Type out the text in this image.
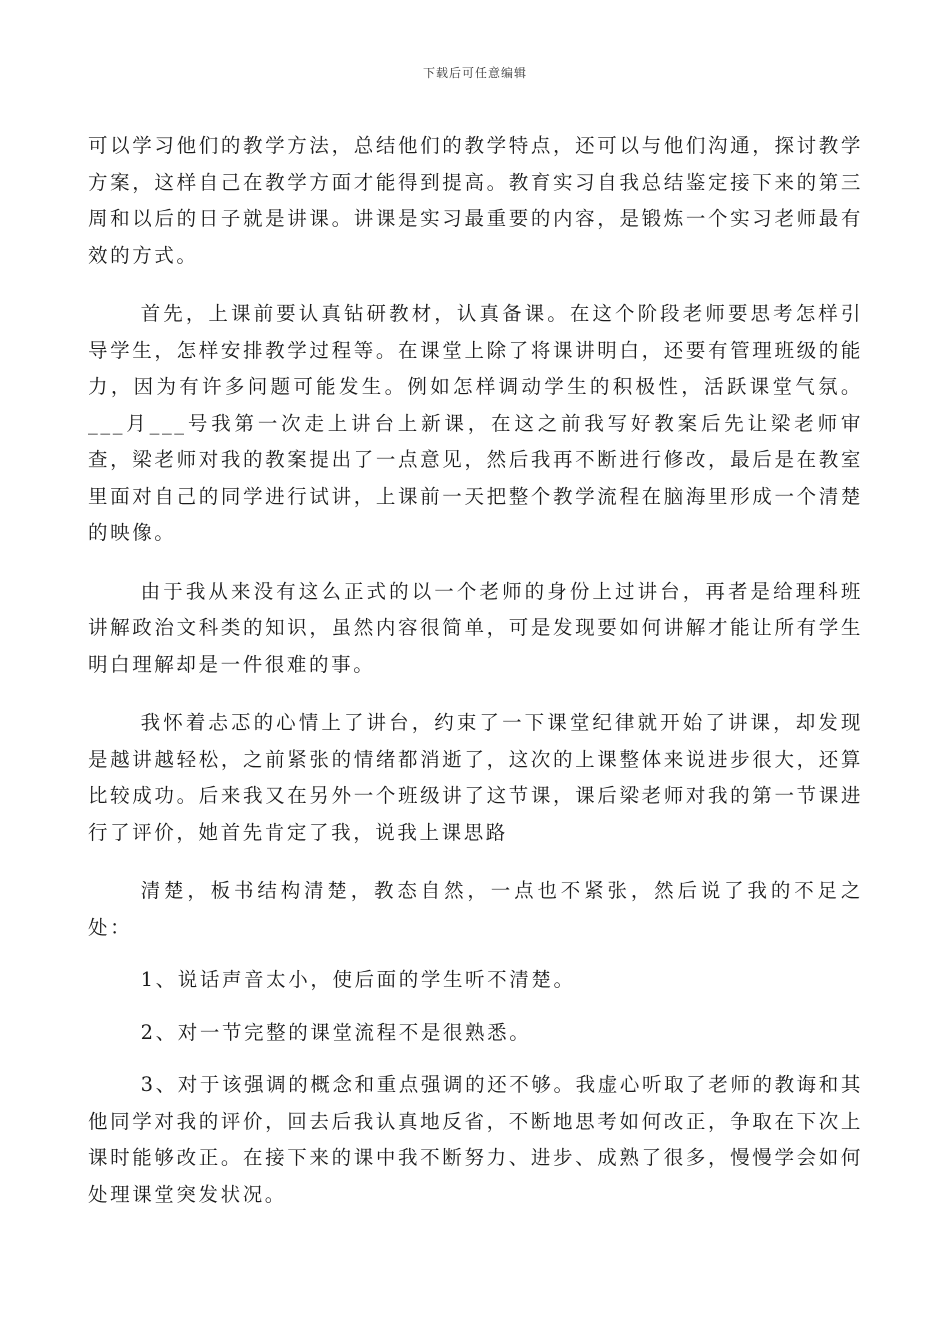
下载后可任意编辑

可以学习他们的教学方法，总结他们的教学特点，还可以与他们沟通，探讨教学方案，这样自己在教学方面才能得到提高。教育实习自我总结鉴定接下来的第三周和以后的日子就是讲课。讲课是实习最重要的内容，是锻炼一个实习老师最有效的方式。

首先，上课前要认真钻研教材，认真备课。在这个阶段老师要思考怎样引导学生，怎样安排教学过程等。在课堂上除了将课讲明白，还要有管理班级的能力，因为有许多问题可能发生。例如怎样调动学生的积极性，活跃课堂气氛。___月___号我第一次走上讲台上新课，在这之前我写好教案后先让梁老师审查，梁老师对我的教案提出了一点意见，然后我再不断进行修改，最后是在教室里面对自己的同学进行试讲，上课前一天把整个教学流程在脑海里形成一个清楚的映像。

由于我从来没有这么正式的以一个老师的身份上过讲台，再者是给理科班讲解政治文科类的知识，虽然内容很简单，可是发现要如何讲解才能让所有学生明白理解却是一件很难的事。

我怀着忐忑的心情上了讲台，约束了一下课堂纪律就开始了讲课，却发现是越讲越轻松，之前紧张的情绪都消逝了，这次的上课整体来说进步很大，还算比较成功。后来我又在另外一个班级讲了这节课，课后梁老师对我的第一节课进行了评价，她首先肯定了我，说我上课思路

清楚，板书结构清楚，教态自然，一点也不紧张，然后说了我的不足之处：

1、说话声音太小，使后面的学生听不清楚。

2、对一节完整的课堂流程不是很熟悉。

3、对于该强调的概念和重点强调的还不够。我虚心听取了老师的教诲和其他同学对我的评价，回去后我认真地反省，不断地思考如何改正，争取在下次上课时能够改正。在接下来的课中我不断努力、进步、成熟了很多，慢慢学会如何处理课堂突发状况。
